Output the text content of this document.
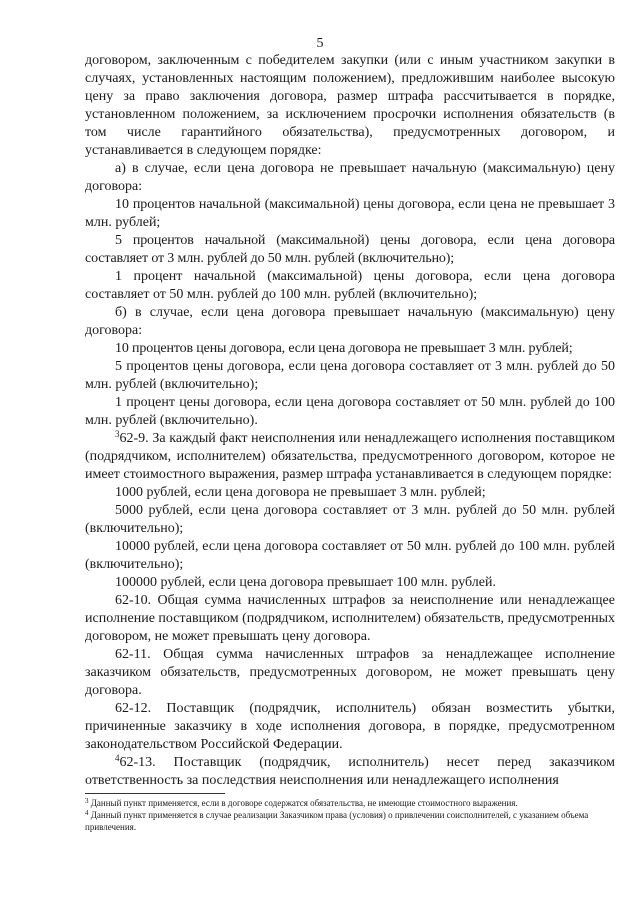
5

договором, заключенным с победителем закупки (или с иным участником закупки в случаях, установленных настоящим положением), предложившим наиболее высокую цену за право заключения договора, размер штрафа рассчитывается в порядке, установленном положением, за исключением просрочки исполнения обязательств (в том числе гарантийного обязательства), предусмотренных договором, и устанавливается в следующем порядке:

а) в случае, если цена договора не превышает начальную (максимальную) цену договора:

10 процентов начальной (максимальной) цены договора, если цена не превышает 3 млн. рублей;

5 процентов начальной (максимальной) цены договора, если цена договора составляет от 3 млн. рублей до 50 млн. рублей (включительно);

1 процент начальной (максимальной) цены договора, если цена договора составляет от 50 млн. рублей до 100 млн. рублей (включительно);

б) в случае, если цена договора превышает начальную (максимальную) цену договора:

10 процентов цены договора, если цена договора не превышает 3 млн. рублей;

5 процентов цены договора, если цена договора составляет от 3 млн. рублей до 50 млн. рублей (включительно);

1 процент цены договора, если цена договора составляет от 50 млн. рублей до 100 млн. рублей (включительно).

$^3$62-9. За каждый факт неисполнения или ненадлежащего исполнения поставщиком (подрядчиком, исполнителем) обязательства, предусмотренного договором, которое не имеет стоимостного выражения, размер штрафа устанавливается в следующем порядке:

1000 рублей, если цена договора не превышает 3 млн. рублей;

5000 рублей, если цена договора составляет от 3 млн. рублей до 50 млн. рублей (включительно);

10000 рублей, если цена договора составляет от 50 млн. рублей до 100 млн. рублей (включительно);

100000 рублей, если цена договора превышает 100 млн. рублей.

62-10. Общая сумма начисленных штрафов за неисполнение или ненадлежащее исполнение поставщиком (подрядчиком, исполнителем) обязательств, предусмотренных договором, не может превышать цену договора.

62-11. Общая сумма начисленных штрафов за ненадлежащее исполнение заказчиком обязательств, предусмотренных договором, не может превышать цену договора.

62-12. Поставщик (подрядчик, исполнитель) обязан возместить убытки, причиненные заказчику в ходе исполнения договора, в порядке, предусмотренном законодательством Российской Федерации.

$^4$62-13. Поставщик (подрядчик, исполнитель) несет перед заказчиком ответственность за последствия неисполнения или ненадлежащего исполнения

$^3$ Данный пункт применяется, если в договоре содержатся обязательства, не имеющие стоимостного выражения.

$^4$ Данный пункт применяется в случае реализации Заказчиком права (условия) о привлечении соисполнителей, с указанием объема привлечения.
